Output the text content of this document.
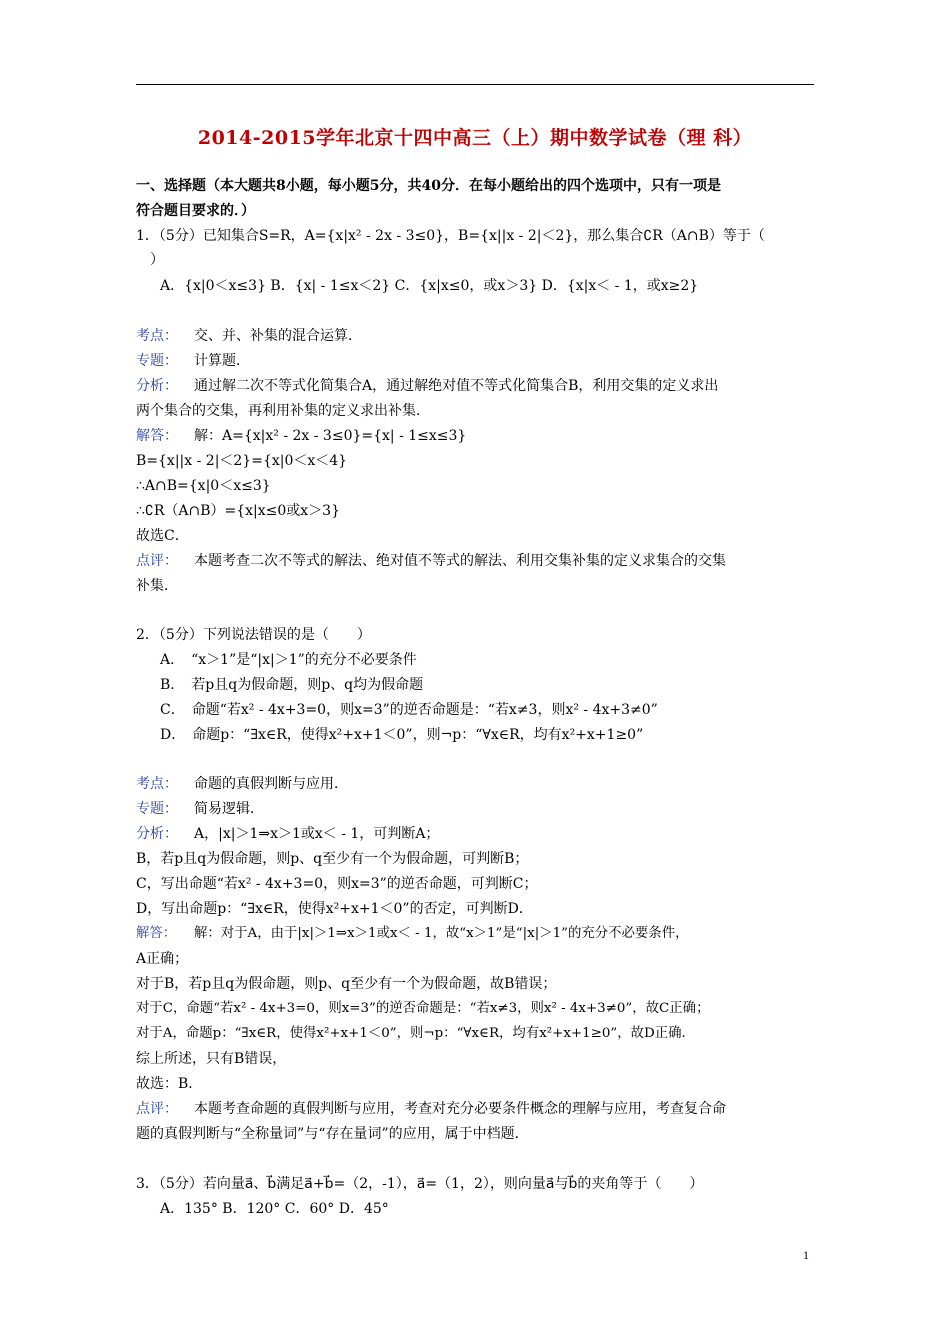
2014-2015学年北京十四中高三（上）期中数学试卷（理 科）
一、选择题（本大题共8小题，每小题5分，共40分．在每小题给出的四个选项中，只有一项是
符合题目要求的．）
1．（5分）已知集合S=R，A={x|x² - 2x - 3≤0}，B={x||x - 2|＜2}，那么集合∁R（A∩B）等于（
）
A．{x|0＜x≤3} B．{x| - 1≤x＜2} C．{x|x≤0，或x＞3} D．{x|x＜ - 1，或x≥2}
考点： 交、并、补集的混合运算．
专题： 计算题．
分析： 通过解二次不等式化简集合A，通过解绝对值不等式化简集合B，利用交集的定义求出
两个集合的交集，再利用补集的定义求出补集．
解答： 解：A={x|x² - 2x - 3≤0}={x| - 1≤x≤3}
B={x||x - 2|＜2}={x|0＜x＜4}
∴A∩B={x|0＜x≤3}
∴∁R（A∩B）={x|x≤0或x＞3}
故选C．
点评： 本题考查二次不等式的解法、绝对值不等式的解法、利用交集补集的定义求集合的交集
补集．
2．（5分）下列说法错误的是（　　）
A．　“x＞1”是“|x|＞1”的充分不必要条件
B．　若p且q为假命题，则p、q均为假命题
C．　命题“若x² - 4x+3=0，则x=3”的逆否命题是：“若x≠3，则x² - 4x+3≠0”
D．　命题p：“∃x∈R，使得x²+x+1＜0”，则¬p：“∀x∈R，均有x²+x+1≥0”
考点： 命题的真假判断与应用．
专题： 简易逻辑．
分析： A，|x|＞1⇒x＞1或x＜ - 1，可判断A；
B，若p且q为假命题，则p、q至少有一个为假命题，可判断B；
C，写出命题“若x² - 4x+3=0，则x=3”的逆否命题，可判断C；
D，写出命题p：“∃x∈R，使得x²+x+1＜0”的否定，可判断D．
解答： 解：对于A，由于|x|＞1⇒x＞1或x＜ - 1，故“x＞1”是“|x|＞1”的充分不必要条件，
A正确；
对于B，若p且q为假命题，则p、q至少有一个为假命题，故B错误；
对于C，命题“若x² - 4x+3=0，则x=3”的逆否命题是：“若x≠3，则x² - 4x+3≠0”，故C正确；
对于A，命题p：“∃x∈R，使得x²+x+1＜0”，则¬p：“∀x∈R，均有x²+x+1≥0”，故D正确．
综上所述，只有B错误，
故选：B．
点评： 本题考查命题的真假判断与应用，考查对充分必要条件概念的理解与应用，考查复合命
题的真假判断与“全称量词”与“存在量词”的应用，属于中档题．
3．（5分）若向量a⃗、b⃗满足a⃗+b⃗=（2，-1），a⃗=（1，2），则向量a⃗与b⃗的夹角等于（　　）
A．135° B．120° C．60° D．45°
1
